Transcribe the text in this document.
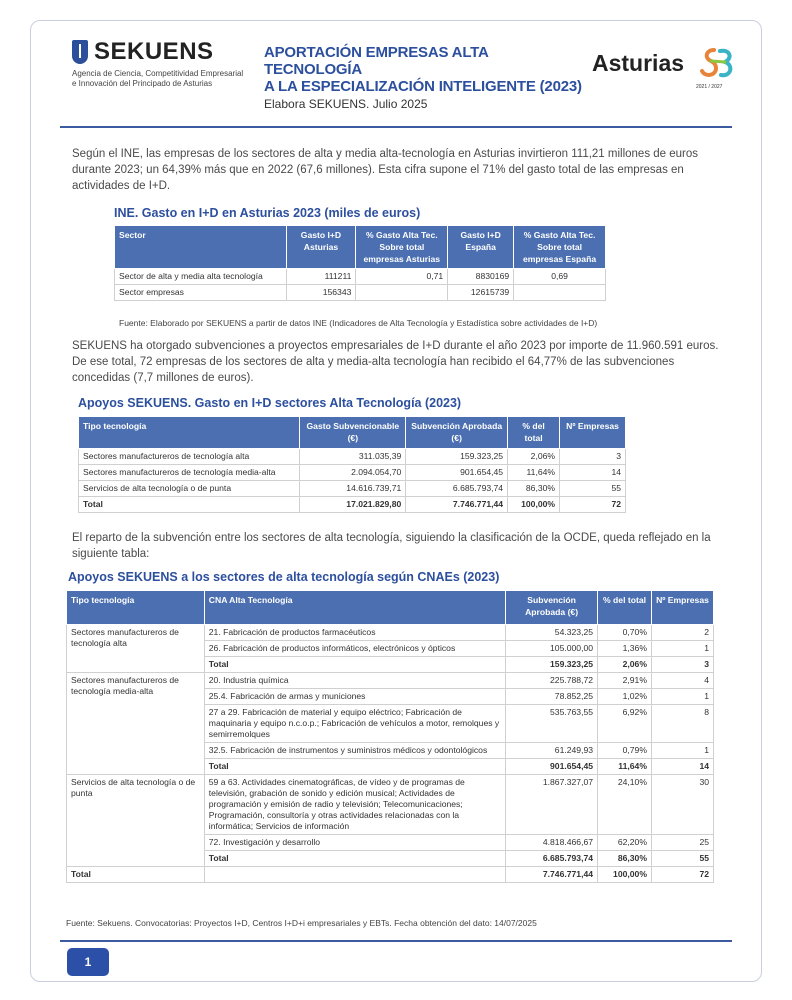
SEKUENS
Agencia de Ciencia, Competitividad Empresarial
e Innovación del Principado de Asturias
APORTACIÓN EMPRESAS ALTA TECNOLOGÍA
A LA ESPECIALIZACIÓN INTELIGENTE (2023)
Elabora SEKUENS. Julio 2025
Asturias
2021 / 2027
Según el INE, las empresas de los sectores de alta y media alta-tecnología en Asturias invirtieron 111,21 millones de euros durante 2023; un 64,39% más que en 2022 (67,6 millones). Esta cifra supone el 71% del gasto total de las empresas en actividades de I+D.
INE. Gasto en I+D en Asturias 2023 (miles de euros)
Sector	Gasto I+D Asturias	% Gasto Alta Tec. Sobre total empresas Asturias	Gasto I+D España	% Gasto Alta Tec. Sobre total empresas España
Sector de alta y media alta tecnología	111211	0,71	8830169	0,69
Sector empresas	156343		12615739	
Fuente: Elaborado por SEKUENS a partir de datos INE (Indicadores de Alta Tecnología y Estadística sobre actividades de I+D)
SEKUENS ha otorgado subvenciones a proyectos empresariales de I+D durante el año 2023 por importe de 11.960.591 euros. De ese total, 72 empresas de los sectores de alta y media-alta tecnología han recibido el 64,77% de las subvenciones concedidas (7,7 millones de euros).
Apoyos SEKUENS. Gasto en I+D sectores Alta Tecnología (2023)
Tipo tecnología	Gasto Subvencionable (€)	Subvención Aprobada (€)	% del total	Nº Empresas
Sectores manufactureros de tecnología alta	311.035,39	159.323,25	2,06%	3
Sectores manufactureros de tecnología media-alta	2.094.054,70	901.654,45	11,64%	14
Servicios de alta tecnología o de punta	14.616.739,71	6.685.793,74	86,30%	55
Total	17.021.829,80	7.746.771,44	100,00%	72
El reparto de la subvención entre los sectores de alta tecnología, siguiendo la clasificación de la OCDE, queda reflejado en la siguiente tabla:
Apoyos SEKUENS a los sectores de alta tecnología según CNAEs (2023)
Tipo tecnología	CNA Alta Tecnología	Subvención Aprobada (€)	% del total	Nº Empresas
Sectores manufactureros de tecnología alta	21. Fabricación de productos farmacéuticos	54.323,25	0,70%	2
	26. Fabricación de productos informáticos, electrónicos y ópticos	105.000,00	1,36%	1
	Total	159.323,25	2,06%	3
Sectores manufactureros de tecnología media-alta	20. Industria química	225.788,72	2,91%	4
	25.4. Fabricación de armas y municiones	78.852,25	1,02%	1
	27 a 29. Fabricación de material y equipo eléctrico; Fabricación de maquinaria y equipo n.c.o.p.; Fabricación de vehículos a motor, remolques y semirremolques	535.763,55	6,92%	8
	32.5. Fabricación de instrumentos y suministros médicos y odontológicos	61.249,93	0,79%	1
	Total	901.654,45	11,64%	14
Servicios de alta tecnología o de punta	59 a 63. Actividades cinematográficas, de vídeo y de programas de televisión, grabación de sonido y edición musical; Actividades de programación y emisión de radio y televisión; Telecomunicaciones; Programación, consultoría y otras actividades relacionadas con la informática; Servicios de información	1.867.327,07	24,10%	30
	72. Investigación y desarrollo	4.818.466,67	62,20%	25
	Total	6.685.793,74	86,30%	55
Total		7.746.771,44	100,00%	72
Fuente: Sekuens. Convocatorias: Proyectos I+D, Centros I+D+i empresariales y EBTs. Fecha obtención del dato: 14/07/2025
1
